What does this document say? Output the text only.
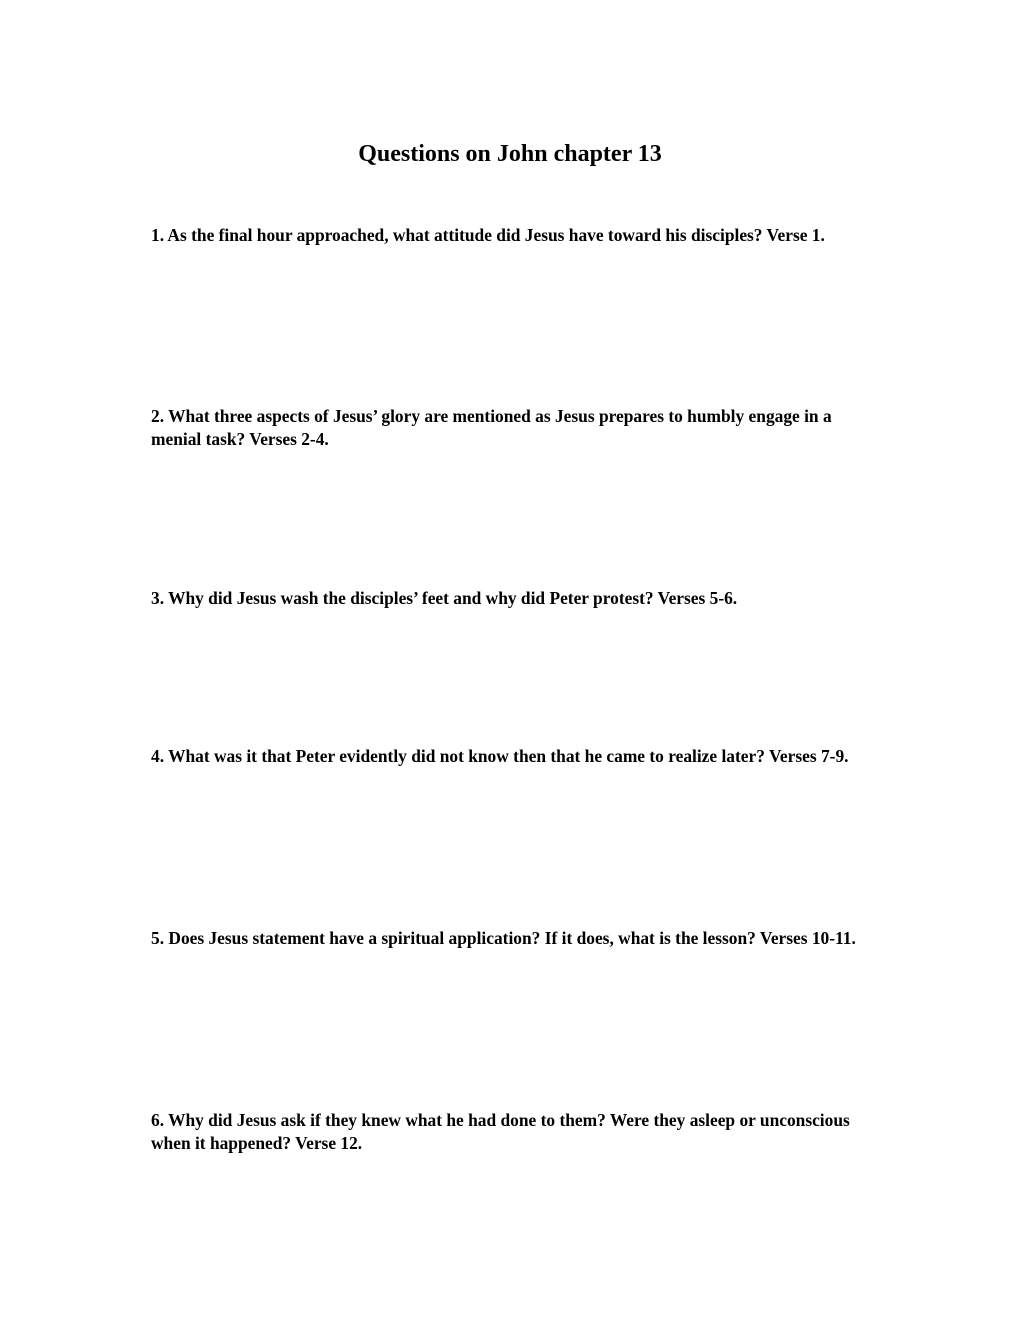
Questions on John chapter 13

1. As the final hour approached, what attitude did Jesus have toward his disciples? Verse 1.

2. What three aspects of Jesus’ glory are mentioned as Jesus prepares to humbly engage in a menial task? Verses 2-4.

3. Why did Jesus wash the disciples’ feet and why did Peter protest? Verses 5-6.

4. What was it that Peter evidently did not know then that he came to realize later? Verses 7-9.

5. Does Jesus statement have a spiritual application? If it does, what is the lesson? Verses 10-11.

6. Why did Jesus ask if they knew what he had done to them? Were they asleep or unconscious when it happened? Verse 12.
